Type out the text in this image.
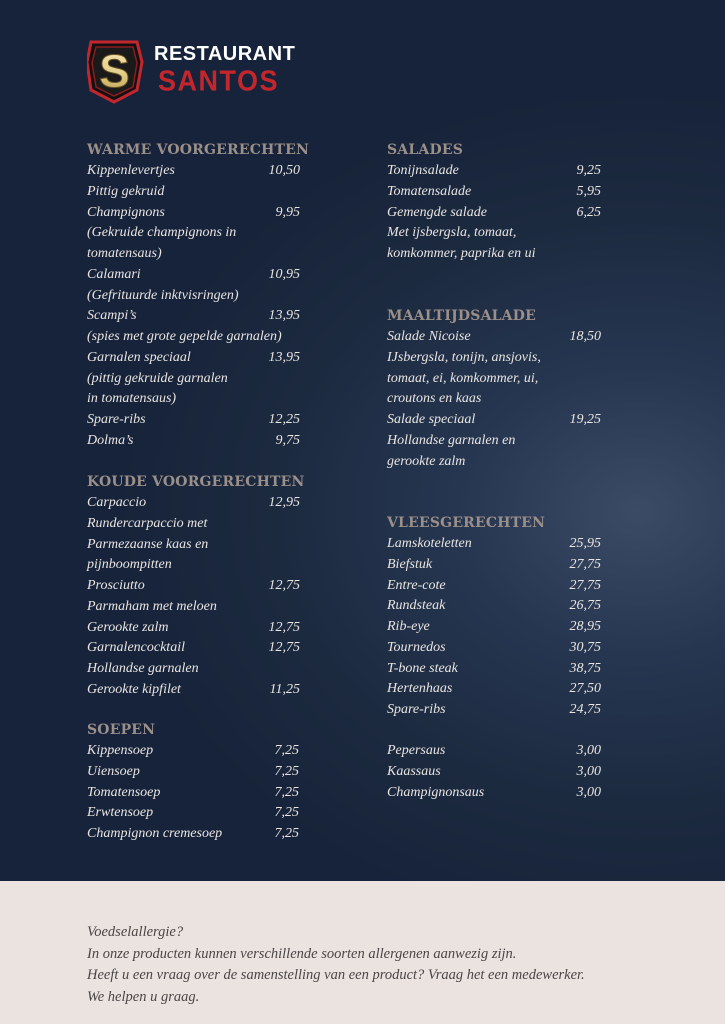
S RESTAURANT
SANTOS
WARME VOORGERECHTEN
Kippenlevertjes	10,50
Pittig gekruid
Champignons	9,95
(Gekruide champignons in
tomatensaus)
Calamari	10,95
(Gefrituurde inktvisringen)
Scampi’s	13,95
(spies met grote gepelde garnalen)
Garnalen speciaal	13,95
(pittig gekruide garnalen
in tomatensaus)
Spare-ribs	12,25
Dolma’s	9,75
KOUDE VOORGERECHTEN
Carpaccio	12,95
Rundercarpaccio met
Parmezaanse kaas en
pijnboompitten
Prosciutto	12,75
Parmaham met meloen
Gerookte zalm	12,75
Garnalencocktail	12,75
Hollandse garnalen
Gerookte kipfilet	11,25
SOEPEN
Kippensoep	7,25
Uiensoep	7,25
Tomatensoep	7,25
Erwtensoep	7,25
Champignon cremesoep	7,25
SALADES
Tonijnsalade	9,25
Tomatensalade	5,95
Gemengde salade	6,25
Met ijsbergsla, tomaat,
komkommer, paprika en ui
MAALTIJDSALADE
Salade Nicoise	18,50
IJsbergsla, tonijn, ansjovis,
tomaat, ei, komkommer, ui,
croutons en kaas
Salade speciaal	19,25
Hollandse garnalen en
gerookte zalm
VLEESGERECHTEN
Lamskoteletten	25,95
Biefstuk	27,75
Entre-cote	27,75
Rundsteak	26,75
Rib-eye	28,95
Tournedos	30,75
T-bone steak	38,75
Hertenhaas	27,50
Spare-ribs	24,75
Pepersaus	3,00
Kaassaus	3,00
Champignonsaus	3,00
Voedselallergie?
In onze producten kunnen verschillende soorten allergenen aanwezig zijn.
Heeft u een vraag over de samenstelling van een product? Vraag het een medewerker.
We helpen u graag.
